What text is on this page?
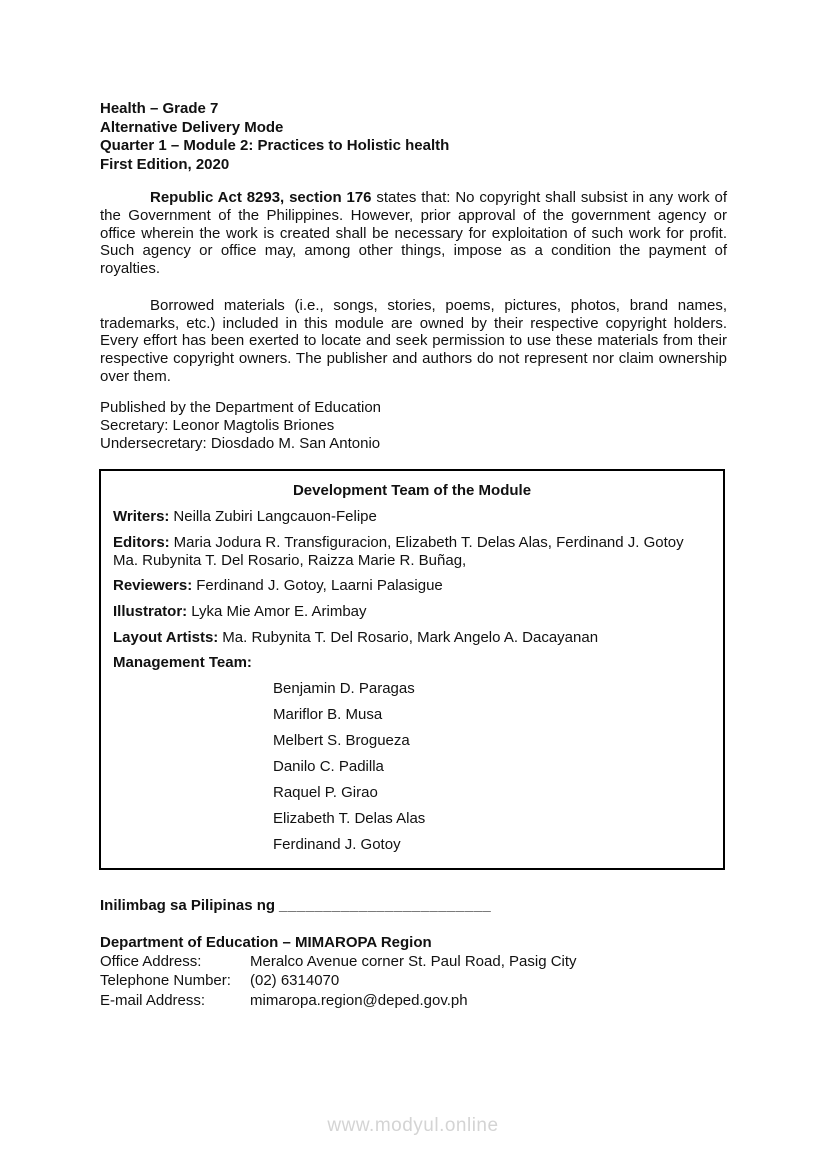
Health – Grade 7
Alternative Delivery Mode
Quarter 1 – Module 2: Practices to Holistic health
First Edition, 2020

Republic Act 8293, section 176 states that: No copyright shall subsist in any work of the Government of the Philippines. However, prior approval of the government agency or office wherein the work is created shall be necessary for exploitation of such work for profit. Such agency or office may, among other things, impose as a condition the payment of royalties.

Borrowed materials (i.e., songs, stories, poems, pictures, photos, brand names, trademarks, etc.) included in this module are owned by their respective copyright holders. Every effort has been exerted to locate and seek permission to use these materials from their respective copyright owners. The publisher and authors do not represent nor claim ownership over them.

Published by the Department of Education
Secretary: Leonor Magtolis Briones
Undersecretary: Diosdado M. San Antonio
Development Team of the Module
Writers: Neilla Zubiri Langcauon-Felipe
Editors: Maria Jodura R. Transfiguracion, Elizabeth T. Delas Alas, Ferdinand J. Gotoy Ma. Rubynita T. Del Rosario, Raizza Marie R. Buñag,
Reviewers: Ferdinand J. Gotoy, Laarni Palasigue
Illustrator: Lyka Mie Amor E. Arimbay
Layout Artists: Ma. Rubynita T. Del Rosario, Mark Angelo A. Dacayanan
Management Team:
Benjamin D. Paragas
Mariflor B. Musa
Melbert S. Brogueza
Danilo C. Padilla
Raquel P. Girao
Elizabeth T. Delas Alas
Ferdinand J. Gotoy
Inilimbag sa Pilipinas ng ________________________
Department of Education – MIMAROPA Region
Office Address:	Meralco Avenue corner St. Paul Road, Pasig City
Telephone Number:	(02) 6314070
E-mail Address:	mimaropa.region@deped.gov.ph
www.modyul.online
